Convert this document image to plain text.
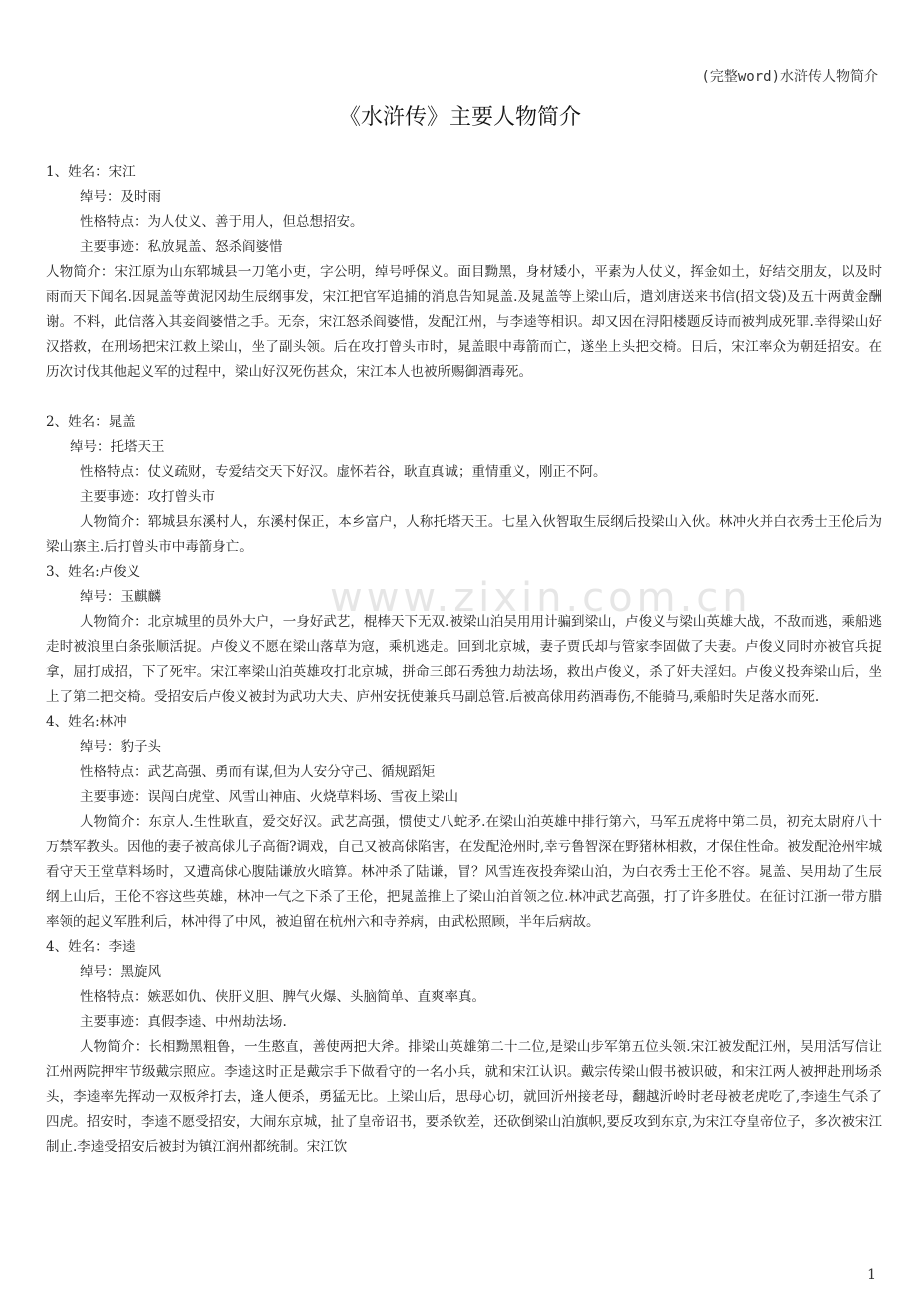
(完整word)水浒传人物简介
《水浒传》主要人物简介
www.zixin.com.cn

1、姓名：宋江

绰号：及时雨

性格特点：为人仗义、善于用人，但总想招安。

主要事迹：私放晁盖、怒杀阎婆惜

人物简介：宋江原为山东郓城县一刀笔小吏，字公明，绰号呼保义。面目黝黑，身材矮小，平素为人仗义，挥金如土，好结交朋友，以及时雨而天下闻名.因晁盖等黄泥冈劫生辰纲事发，宋江把官军追捕的消息告知晁盖.及晁盖等上梁山后，遣刘唐送来书信(招文袋)及五十两黄金酬谢。不料，此信落入其妾阎婆惜之手。无奈，宋江怒杀阎婆惜，发配江州，与李逵等相识。却又因在浔阳楼题反诗而被判成死罪.幸得梁山好汉搭救，在刑场把宋江救上梁山，坐了副头领。后在攻打曾头市时，晁盖眼中毒箭而亡，遂坐上头把交椅。日后，宋江率众为朝廷招安。在历次讨伐其他起义军的过程中，梁山好汉死伤甚众，宋江本人也被所赐御酒毒死。

2、姓名：晁盖

绰号：托塔天王

性格特点：仗义疏财，专爱结交天下好汉。虚怀若谷，耿直真诚；重情重义，刚正不阿。

主要事迹：攻打曾头市

人物简介：郓城县东溪村人，东溪村保正，本乡富户，人称托塔天王。七星入伙智取生辰纲后投梁山入伙。林冲火并白衣秀士王伦后为梁山寨主.后打曾头市中毒箭身亡。

3、姓名:卢俊义

绰号：玉麒麟

人物简介：北京城里的员外大户，一身好武艺，棍棒天下无双.被梁山泊吴用用计骗到梁山，卢俊义与梁山英雄大战，不敌而逃，乘船逃走时被浪里白条张顺活捉。卢俊义不愿在梁山落草为寇，乘机逃走。回到北京城，妻子贾氏却与管家李固做了夫妻。卢俊义同时亦被官兵捉拿，屈打成招，下了死牢。宋江率梁山泊英雄攻打北京城，拼命三郎石秀独力劫法场，救出卢俊义，杀了奸夫淫妇。卢俊义投奔梁山后，坐上了第二把交椅。受招安后卢俊义被封为武功大夫、庐州安抚使兼兵马副总管.后被高俅用药酒毒伤,不能骑马,乘船时失足落水而死.

4、姓名:林冲

绰号：豹子头

性格特点：武艺高强、勇而有谋,但为人安分守己、循规蹈矩

主要事迹：误闯白虎堂、风雪山神庙、火烧草料场、雪夜上梁山

人物简介：东京人.生性耿直，爱交好汉。武艺高强，惯使丈八蛇矛.在梁山泊英雄中排行第六，马军五虎将中第二员，初充太尉府八十万禁军教头。因他的妻子被高俅儿子高衙?调戏，自己又被高俅陷害，在发配沧州时,幸亏鲁智深在野猪林相救，才保住性命。被发配沧州牢城看守天王堂草料场时，又遭高俅心腹陆谦放火暗算。林冲杀了陆谦，冒？风雪连夜投奔梁山泊，为白衣秀士王伦不容。晁盖、吴用劫了生辰纲上山后，王伦不容这些英雄，林冲一气之下杀了王伦，把晁盖推上了梁山泊首领之位.林冲武艺高强，打了许多胜仗。在征讨江浙一带方腊率领的起义军胜利后，林冲得了中风，被迫留在杭州六和寺养病，由武松照顾，半年后病故。

4、姓名：李逵

绰号：黑旋风

性格特点：嫉恶如仇、侠肝义胆、脾气火爆、头脑简单、直爽率真。

主要事迹：真假李逵、中州劫法场.

人物简介：长相黝黑粗鲁，一生憨直，善使两把大斧。排梁山英雄第二十二位,是梁山步军第五位头领.宋江被发配江州，吴用活写信让江州两院押牢节级戴宗照应。李逵这时正是戴宗手下做看守的一名小兵，就和宋江认识。戴宗传梁山假书被识破，和宋江两人被押赴刑场杀头，李逵率先挥动一双板斧打去，逢人便杀，勇猛无比。上梁山后，思母心切，就回沂州接老母，翻越沂岭时老母被老虎吃了,李逵生气杀了四虎。招安时，李逵不愿受招安，大闹东京城，扯了皇帝诏书，要杀钦差，还砍倒梁山泊旗帜,要反攻到东京,为宋江夺皇帝位子，多次被宋江制止.李逵受招安后被封为镇江润州都统制。宋江饮

1
